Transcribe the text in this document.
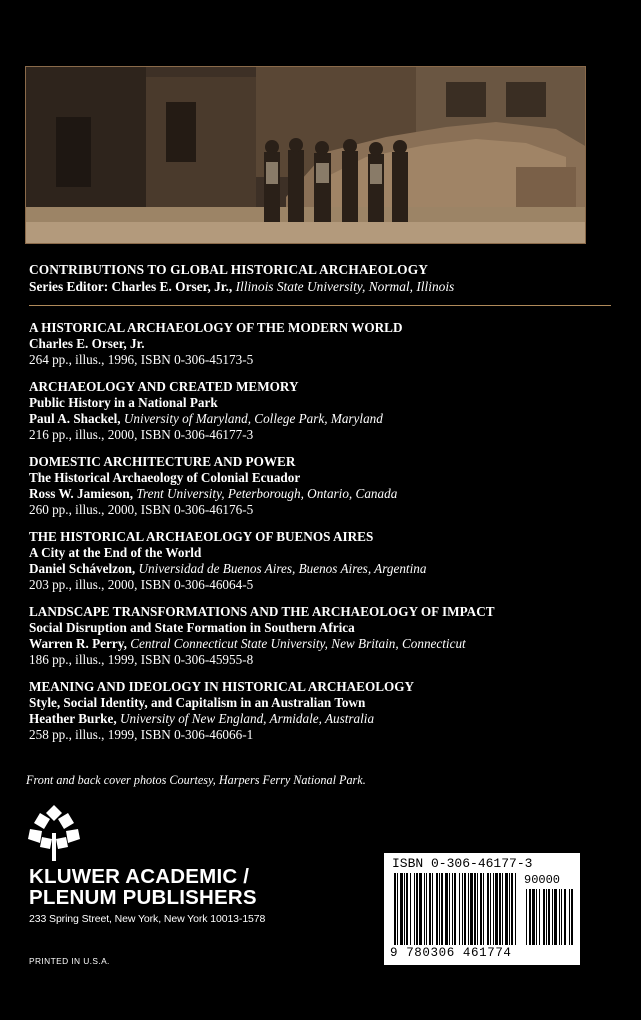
CONTRIBUTIONS TO GLOBAL HISTORICAL ARCHAEOLOGY
Series Editor: Charles E. Orser, Jr., Illinois State University, Normal, Illinois
A HISTORICAL ARCHAEOLOGY OF THE MODERN WORLD
Charles E. Orser, Jr.
264 pp., illus., 1996, ISBN 0-306-45173-5
ARCHAEOLOGY AND CREATED MEMORY
Public History in a National Park
Paul A. Shackel, University of Maryland, College Park, Maryland
216 pp., illus., 2000, ISBN 0-306-46177-3
DOMESTIC ARCHITECTURE AND POWER
The Historical Archaeology of Colonial Ecuador
Ross W. Jamieson, Trent University, Peterborough, Ontario, Canada
260 pp., illus., 2000, ISBN 0-306-46176-5
THE HISTORICAL ARCHAEOLOGY OF BUENOS AIRES
A City at the End of the World
Daniel Schávelzon, Universidad de Buenos Aires, Buenos Aires, Argentina
203 pp., illus., 2000, ISBN 0-306-46064-5
LANDSCAPE TRANSFORMATIONS AND THE ARCHAEOLOGY OF IMPACT
Social Disruption and State Formation in Southern Africa
Warren R. Perry, Central Connecticut State University, New Britain, Connecticut
186 pp., illus., 1999, ISBN 0-306-45955-8
MEANING AND IDEOLOGY IN HISTORICAL ARCHAEOLOGY
Style, Social Identity, and Capitalism in an Australian Town
Heather Burke, University of New England, Armidale, Australia
258 pp., illus., 1999, ISBN 0-306-46066-1
Front and back cover photos Courtesy, Harpers Ferry National Park.
KLUWER ACADEMIC /
PLENUM PUBLISHERS
233 Spring Street, New York, New York 10013-1578
PRINTED IN U.S.A.
ISBN 0-306-46177-3
90000
9 780306 461774
